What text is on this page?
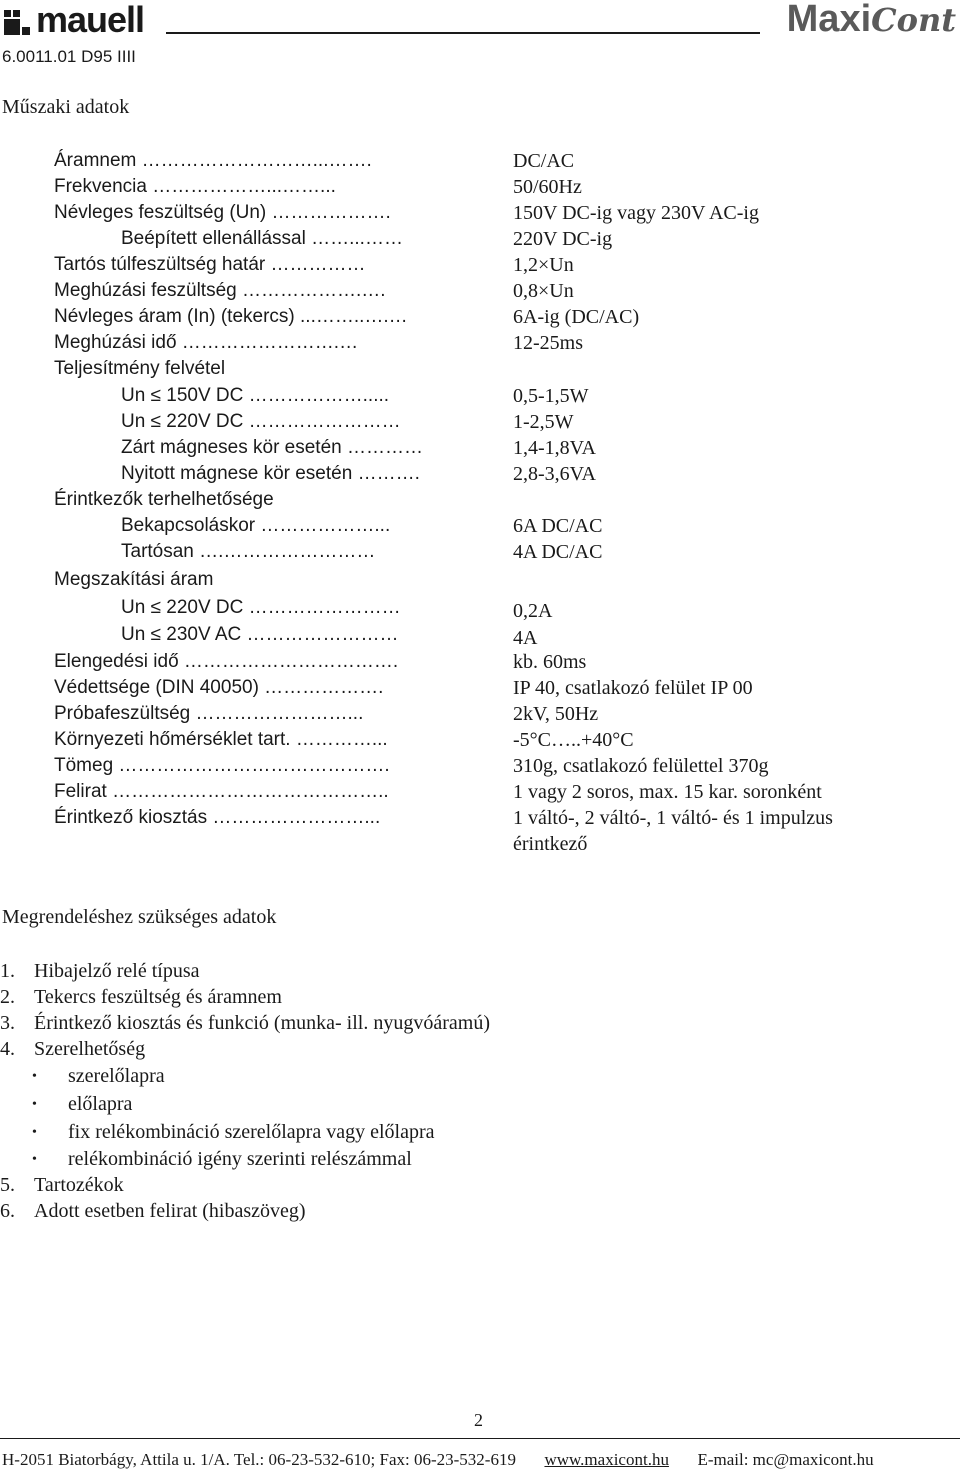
mauell	MaxiCont
6.0011.01 D95 IIII
Műszaki adatok
Áramnem ………………………...…….	DC/AC
Frekvencia ………………...……...	50/60Hz
Névleges feszültség (Un) ……………….	150V DC-ig vagy 230V AC-ig
Beépített ellenállással ……...……	220V DC-ig
Tartós túlfeszültség határ ……………	1,2×Un
Meghúzási feszültség ……………….….	0,8×Un
Névleges áram (In) (tekercs) ...……..….…	6A-ig (DC/AC)
Meghúzási idő …………………….…	12-25ms
Teljesítmény felvétel
Un ≤ 150V DC ……………….....	0,5-1,5W
Un ≤ 220V DC ……………………	1-2,5W
Zárt mágneses kör esetén …………	1,4-1,8VA
Nyitott mágnese kör esetén ……….	2,8-3,6VA
Érintkezők terhelhetősége
Bekapcsoláskor ………………...	6A DC/AC
Tartósan ….……………………	4A DC/AC
Megszakítási áram
Un ≤ 220V DC ……………………	0,2A
Un ≤ 230V AC ……………………	4A
Elengedési idő …………………………….	kb. 60ms
Védettsége (DIN 40050) ……………….	IP 40, csatlakozó felület IP 00
Próbafeszültség ……………………...	2kV, 50Hz
Környezeti hőmérséklet tart. …………...	-5°C…..+40°C
Tömeg …………………………………….	310g, csatlakozó felülettel 370g
Felirat ……………………………………..	1 vagy 2 soros, max. 15 kar. soronként
Érintkező kiosztás ……………………...	1 váltó-, 2 váltó-, 1 váltó- és 1 impulzus
érintkező
Megrendeléshez szükséges adatok
1. Hibajelző relé típusa
2. Tekercs feszültség és áramnem
3. Érintkező kiosztás és funkció (munka- ill. nyugvóáramú)
4. Szerelhetőség
• szerelőlapra
• előlapra
• fix relékombináció szerelőlapra vagy előlapra
• relékombináció igény szerinti relészámmal
5. Tartozékok
6. Adott esetben felirat (hibaszöveg)
2
H-2051 Biatorbágy, Attila u. 1/A. Tel.: 06-23-532-610; Fax: 06-23-532-619 www.maxicont.hu E-mail: mc@maxicont.hu
